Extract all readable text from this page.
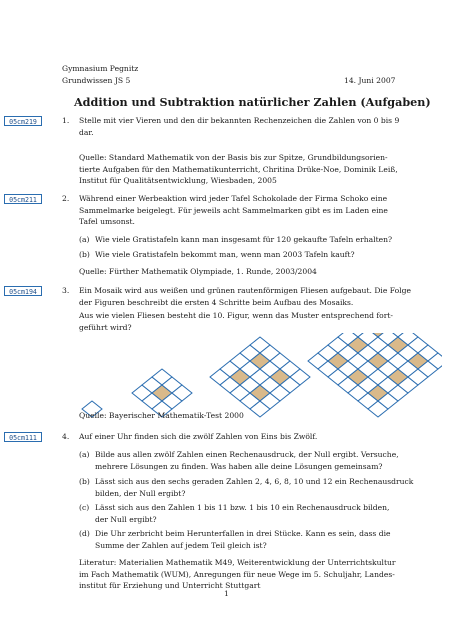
Gymnasium Pegnitz
Grundwissen JS 5	14. Juni 2007
Addition und Subtraktion natürlicher Zahlen (Aufgaben)
05cm219	1. Stelle mit vier Vieren und den dir bekannten Rechenzeichen die Zahlen von 0 bis 9
dar.
Quelle: Standard Mathematik von der Basis bis zur Spitze, Grundbildungsorien-
tierte Aufgaben für den Mathematikunterricht, Chritina Drüke-Noe, Dominik Leiß,
Institut für Qualitätsentwicklung, Wiesbaden, 2005
05cm211	2. Während einer Werbeaktion wird jeder Tafel Schokolade der Firma Schoko eine
Sammelmarke beigelegt. Für jeweils acht Sammelmarken gibt es im Laden eine
Tafel umsonst.
(a) Wie viele Gratistafeln kann man insgesamt für 120 gekaufte Tafeln erhalten?
(b) Wie viele Gratistafeln bekommt man, wenn man 2003 Tafeln kauft?
Quelle: Fürther Mathematik Olympiade, 1. Runde, 2003/2004
05cm194	3. Ein Mosaik wird aus weißen und grünen rautenförmigen Fliesen aufgebaut. Die Folge
der Figuren beschreibt die ersten 4 Schritte beim Aufbau des Mosaiks.
Aus wie vielen Fliesen besteht die 10. Figur, wenn das Muster entsprechend fort-
geführt wird?
Quelle: Bayerischer Mathematik-Test 2000
05cm111	4. Auf einer Uhr finden sich die zwölf Zahlen von Eins bis Zwölf.
(a) Bilde aus allen zwölf Zahlen einen Rechenausdruck, der Null ergibt. Versuche,
mehrere Lösungen zu finden. Was haben alle deine Lösungen gemeinsam?
(b) Lässt sich aus den sechs geraden Zahlen 2, 4, 6, 8, 10 und 12 ein Rechenausdruck
bilden, der Null ergibt?
(c) Lässt sich aus den Zahlen 1 bis 11 bzw. 1 bis 10 ein Rechenausdruck bilden,
der Null ergibt?
(d) Die Uhr zerbricht beim Herunterfallen in drei Stücke. Kann es sein, dass die
Summe der Zahlen auf jedem Teil gleich ist?
Literatur: Materialien Mathematik M49, Weiterentwicklung der Unterrichtskultur
im Fach Mathematik (WUM), Anregungen für neue Wege im 5. Schuljahr, Landes-
institut für Erziehung und Unterricht Stuttgart
1
